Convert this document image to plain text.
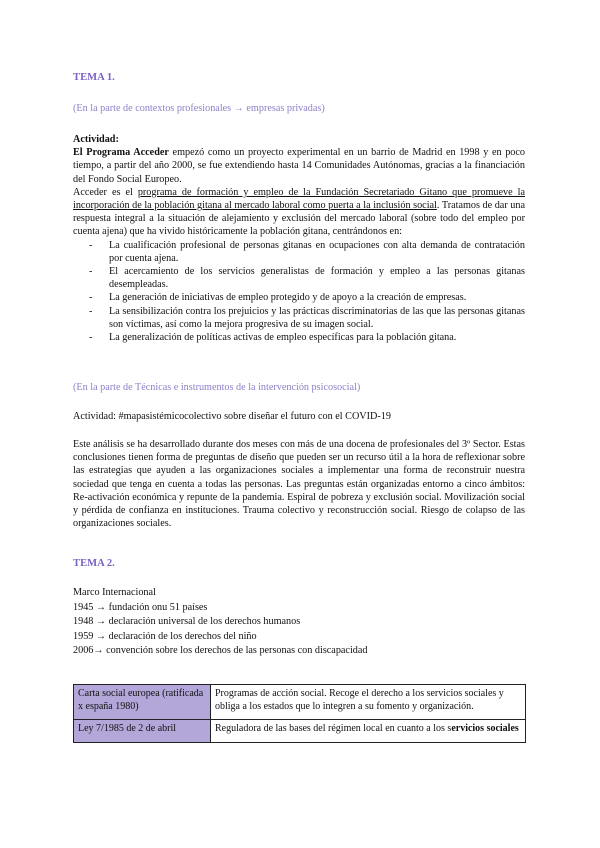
TEMA 1.
(En la parte de contextos profesionales → empresas privadas)
Actividad:
El Programa Acceder empezó como un proyecto experimental en un barrio de Madrid en 1998 y en poco tiempo, a partir del año 2000, se fue extendiendo hasta 14 Comunidades Autónomas, gracias a la financiación del Fondo Social Europeo.
Acceder es el programa de formación y empleo de la Fundación Secretariado Gitano que promueve la incorporación de la población gitana al mercado laboral como puerta a la inclusión social. Tratamos de dar una respuesta integral a la situación de alejamiento y exclusión del mercado laboral (sobre todo del empleo por cuenta ajena) que ha vivido históricamente la población gitana, centrándonos en:
- La cualificación profesional de personas gitanas en ocupaciones con alta demanda de contratación por cuenta ajena.
- El acercamiento de los servicios generalistas de formación y empleo a las personas gitanas desempleadas.
- La generación de iniciativas de empleo protegido y de apoyo a la creación de empresas.
- La sensibilización contra los prejuicios y las prácticas discriminatorias de las que las personas gitanas son víctimas, así como la mejora progresiva de su imagen social.
- La generalización de políticas activas de empleo específicas para la población gitana.
(En la parte de Técnicas e instrumentos de la intervención psicosocial)
Actividad: #mapasistémicocolectivo sobre diseñar el futuro con el COVID-19
Este análisis se ha desarrollado durante dos meses con más de una docena de profesionales del 3º Sector. Estas conclusiones tienen forma de preguntas de diseño que pueden ser un recurso útil a la hora de reflexionar sobre las estrategias que ayuden a las organizaciones sociales a implementar una forma de reconstruir nuestra sociedad que tenga en cuenta a todas las personas. Las preguntas están organizadas entorno a cinco ámbitos: Re-activación económica y repunte de la pandemia. Espiral de pobreza y exclusión social. Movilización social y pérdida de confianza en instituciones. Trauma colectivo y reconstrucción social. Riesgo de colapso de las organizaciones sociales.
TEMA 2.
Marco Internacional
1945 → fundación onu 51 países
1948 → declaración universal de los derechos humanos
1959 → declaración de los derechos del niño
2006→ convención sobre los derechos de las personas con discapacidad
Carta social europea (ratificada x españa 1980)	Programas de acción social. Recoge el derecho a los servicios sociales y obliga a los estados que lo integren a su fomento y organización.
Ley 7/1985 de 2 de abril	Reguladora de las bases del régimen local en cuanto a los servicios sociales
